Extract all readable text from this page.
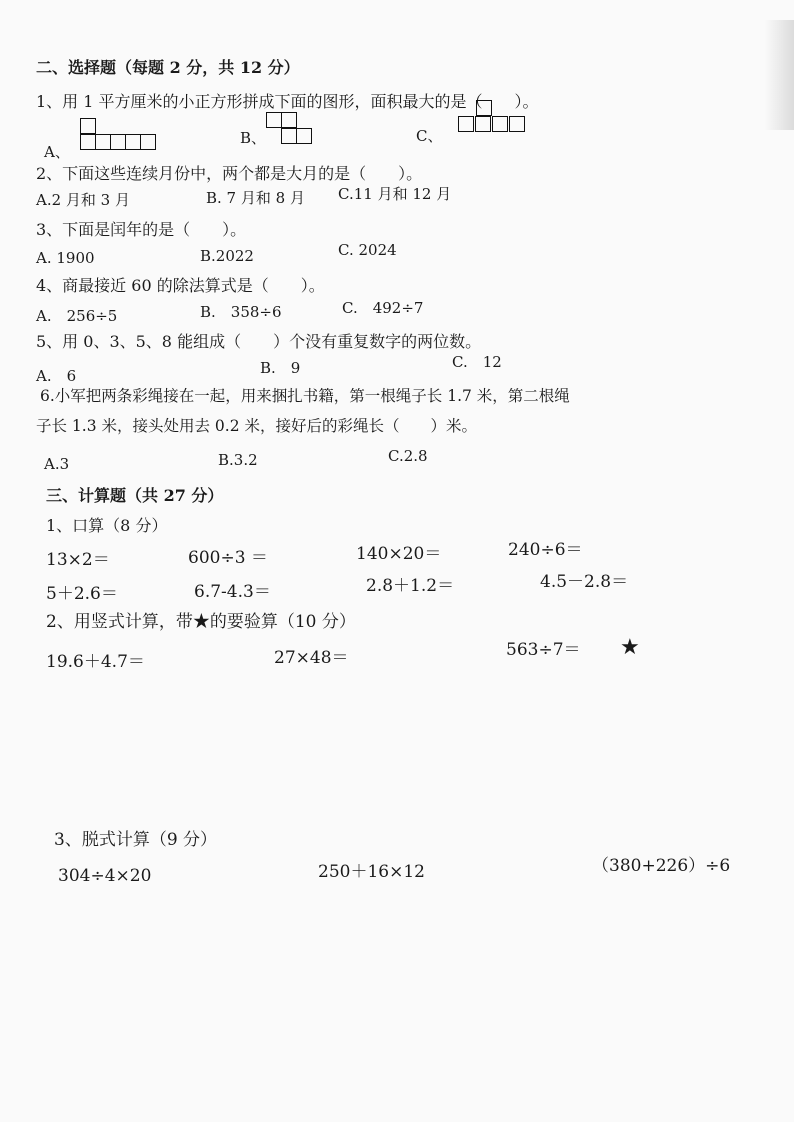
二、选择题（每题 2 分，共 12 分）
1、用 1 平方厘米的小正方形拼成下面的图形，面积最大的是（　　）。
A、
B、	C、
2、下面这些连续月份中，两个都是大月的是（　　）。
A.2 月和 3 月	B. 7 月和 8 月 C.11 月和 12 月
3、下面是闰年的是（　　）。
A. 1900	B.2022	C. 2024
4、商最接近 60 的除法算式是（　　）。
A.　256÷5	B.　358÷6	C.　492÷7
5、用 0、3、5、8 能组成（　　）个没有重复数字的两位数。
A.　6	B.　9	C.　12
6.小军把两条彩绳接在一起，用来捆扎书籍，第一根绳子长 1.7 米，第二根绳
子长 1.3 米，接头处用去 0.2 米，接好后的彩绳长（　　）米。
A.3	B.3.2	C.2.8
三、计算题（共 27 分）
1、口算（8 分）
13×2＝	600÷3 ＝	140×20＝	240÷6＝
5＋2.6＝	6.7-4.3＝	2.8＋1.2＝	4.5－2.8＝
2、用竖式计算，带★的要验算（10 分）
19.6＋4.7＝	27×48＝	563÷7＝ ★
3、脱式计算（9 分）
304÷4×20	250＋16×12	（380+226）÷6
